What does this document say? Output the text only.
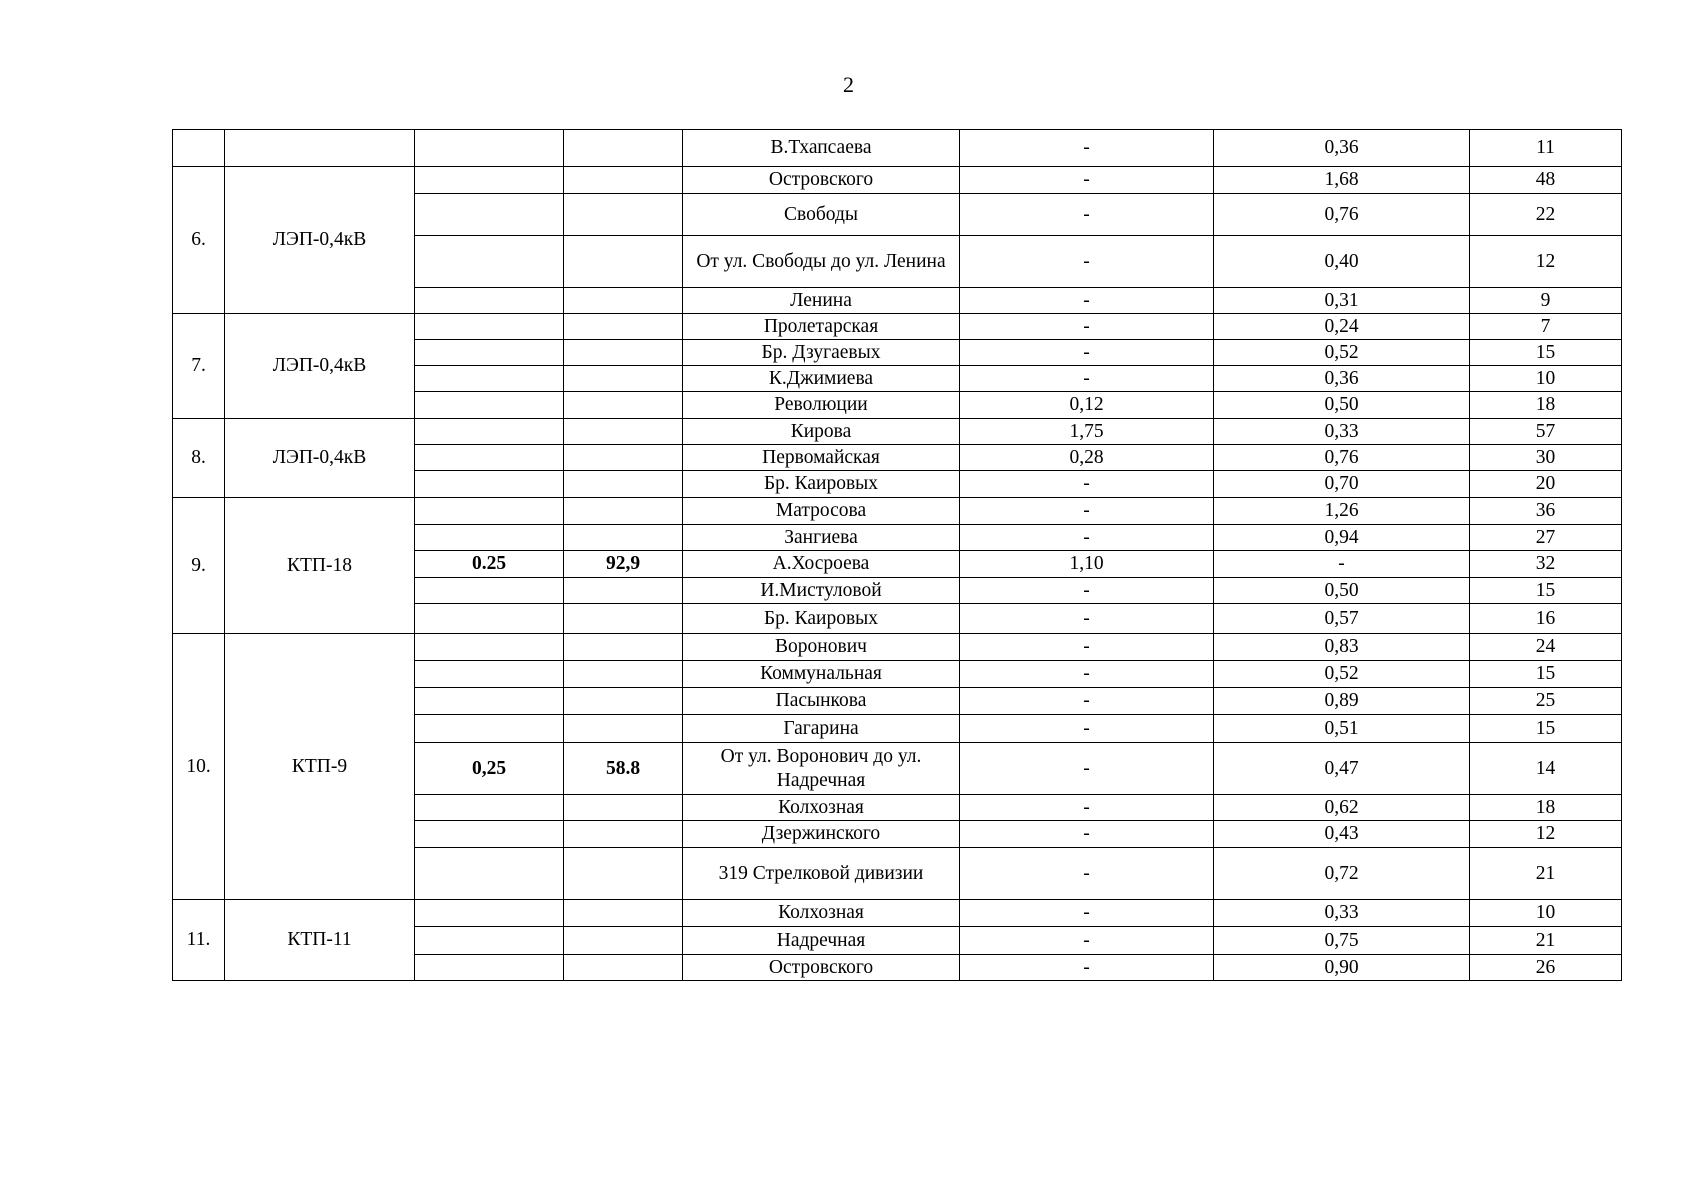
2
				В.Тхапсаева	-	0,36	11
6.	ЛЭП-0,4кВ			Островского	-	1,68	48
				Свободы	-	0,76	22
				От ул. Свободы до ул. Ленина	-	0,40	12
				Ленина	-	0,31	9
7.	ЛЭП-0,4кВ			Пролетарская	-	0,24	7
				Бр. Дзугаевых	-	0,52	15
				К.Джимиева	-	0,36	10
				Революции	0,12	0,50	18
8.	ЛЭП-0,4кВ			Кирова	1,75	0,33	57
				Первомайская	0,28	0,76	30
				Бр. Каировых	-	0,70	20
9.	КТП-18			Матросова	-	1,26	36
				Зангиева	-	0,94	27
		0.25	92,9	А.Хосроева	1,10	-	32
				И.Мистуловой	-	0,50	15
				Бр. Каировых	-	0,57	16
10.	КТП-9			Воронович	-	0,83	24
				Коммунальная	-	0,52	15
				Пасынкова	-	0,89	25
				Гагарина	-	0,51	15
		0,25	58.8	От ул. Воронович до ул. Надречная	-	0,47	14
				Колхозная	-	0,62	18
				Дзержинского	-	0,43	12
				319 Стрелковой дивизии	-	0,72	21
11.	КТП-11			Колхозная	-	0,33	10
				Надречная	-	0,75	21
				Островского	-	0,90	26
